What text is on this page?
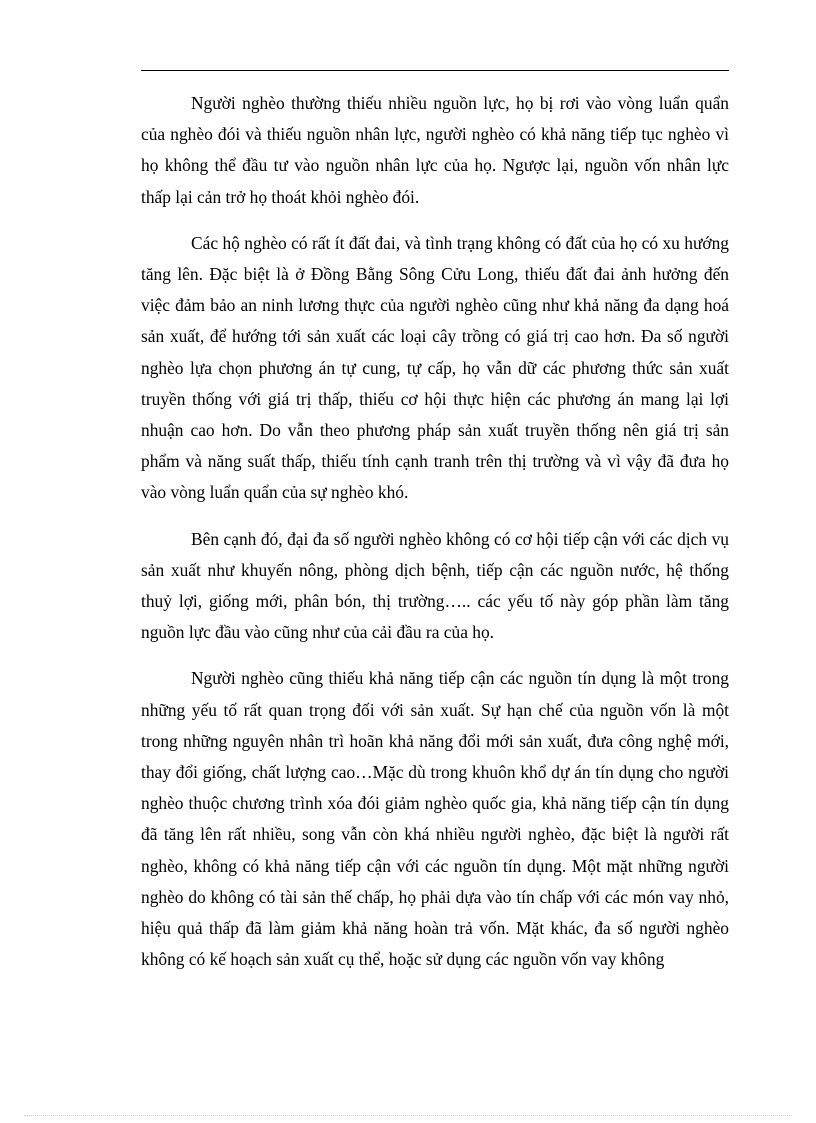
Người nghèo thường thiếu nhiều nguồn lực, họ bị rơi vào vòng luẩn quẩn của nghèo đói và thiếu nguồn nhân lực, người nghèo có khả năng tiếp tục nghèo vì họ không thể đầu tư vào nguồn nhân lực của họ. Ngược lại, nguồn vốn nhân lực thấp lại cản trở họ thoát khỏi nghèo đói.

Các hộ nghèo có rất ít đất đai, và tình trạng không có đất của họ có xu hướng tăng lên. Đặc biệt là ở Đồng Bằng Sông Cửu Long, thiếu đất đai ảnh hưởng đến việc đảm bảo an ninh lương thực của người nghèo cũng như khả năng đa dạng hoá sản xuất, để hướng tới sản xuất các loại cây trồng có giá trị cao hơn. Đa số người nghèo lựa chọn phương án tự cung, tự cấp, họ vẫn dữ các phương thức sản xuất truyền thống với giá trị thấp, thiếu cơ hội thực hiện các phương án mang lại lợi nhuận cao hơn. Do vẫn theo phương pháp sản xuất truyền thống nên giá trị sản phẩm và năng suất thấp, thiếu tính cạnh tranh trên thị trường và vì vậy đã đưa họ vào vòng luẩn quẩn của sự nghèo khó.

Bên cạnh đó, đại đa số người nghèo không có cơ hội tiếp cận với các dịch vụ sản xuất như khuyến nông, phòng dịch bệnh, tiếp cận các nguồn nước, hệ thống thuỷ lợi, giống mới, phân bón, thị trường….. các yếu tố này góp phần làm tăng nguồn lực đầu vào cũng như của cải đầu ra của họ.

Người nghèo cũng thiếu khả năng tiếp cận các nguồn tín dụng là một trong những yếu tố rất quan trọng đối với sản xuất. Sự hạn chế của nguồn vốn là một trong những nguyên nhân trì hoãn khả năng đổi mới sản xuất, đưa công nghệ mới, thay đổi giống, chất lượng cao…Mặc dù trong khuôn khổ dự án tín dụng cho người nghèo thuộc chương trình xóa đói giảm nghèo quốc gia, khả năng tiếp cận tín dụng đã tăng lên rất nhiều, song vẫn còn khá nhiều người nghèo, đặc biệt là người rất nghèo, không có khả năng tiếp cận với các nguồn tín dụng. Một mặt những người nghèo do không có tài sản thế chấp, họ phải dựa vào tín chấp với các món vay nhỏ, hiệu quả thấp đã làm giảm khả năng hoàn trả vốn. Mặt khác, đa số người nghèo không có kế hoạch sản xuất cụ thể, hoặc sử dụng các nguồn vốn vay không
